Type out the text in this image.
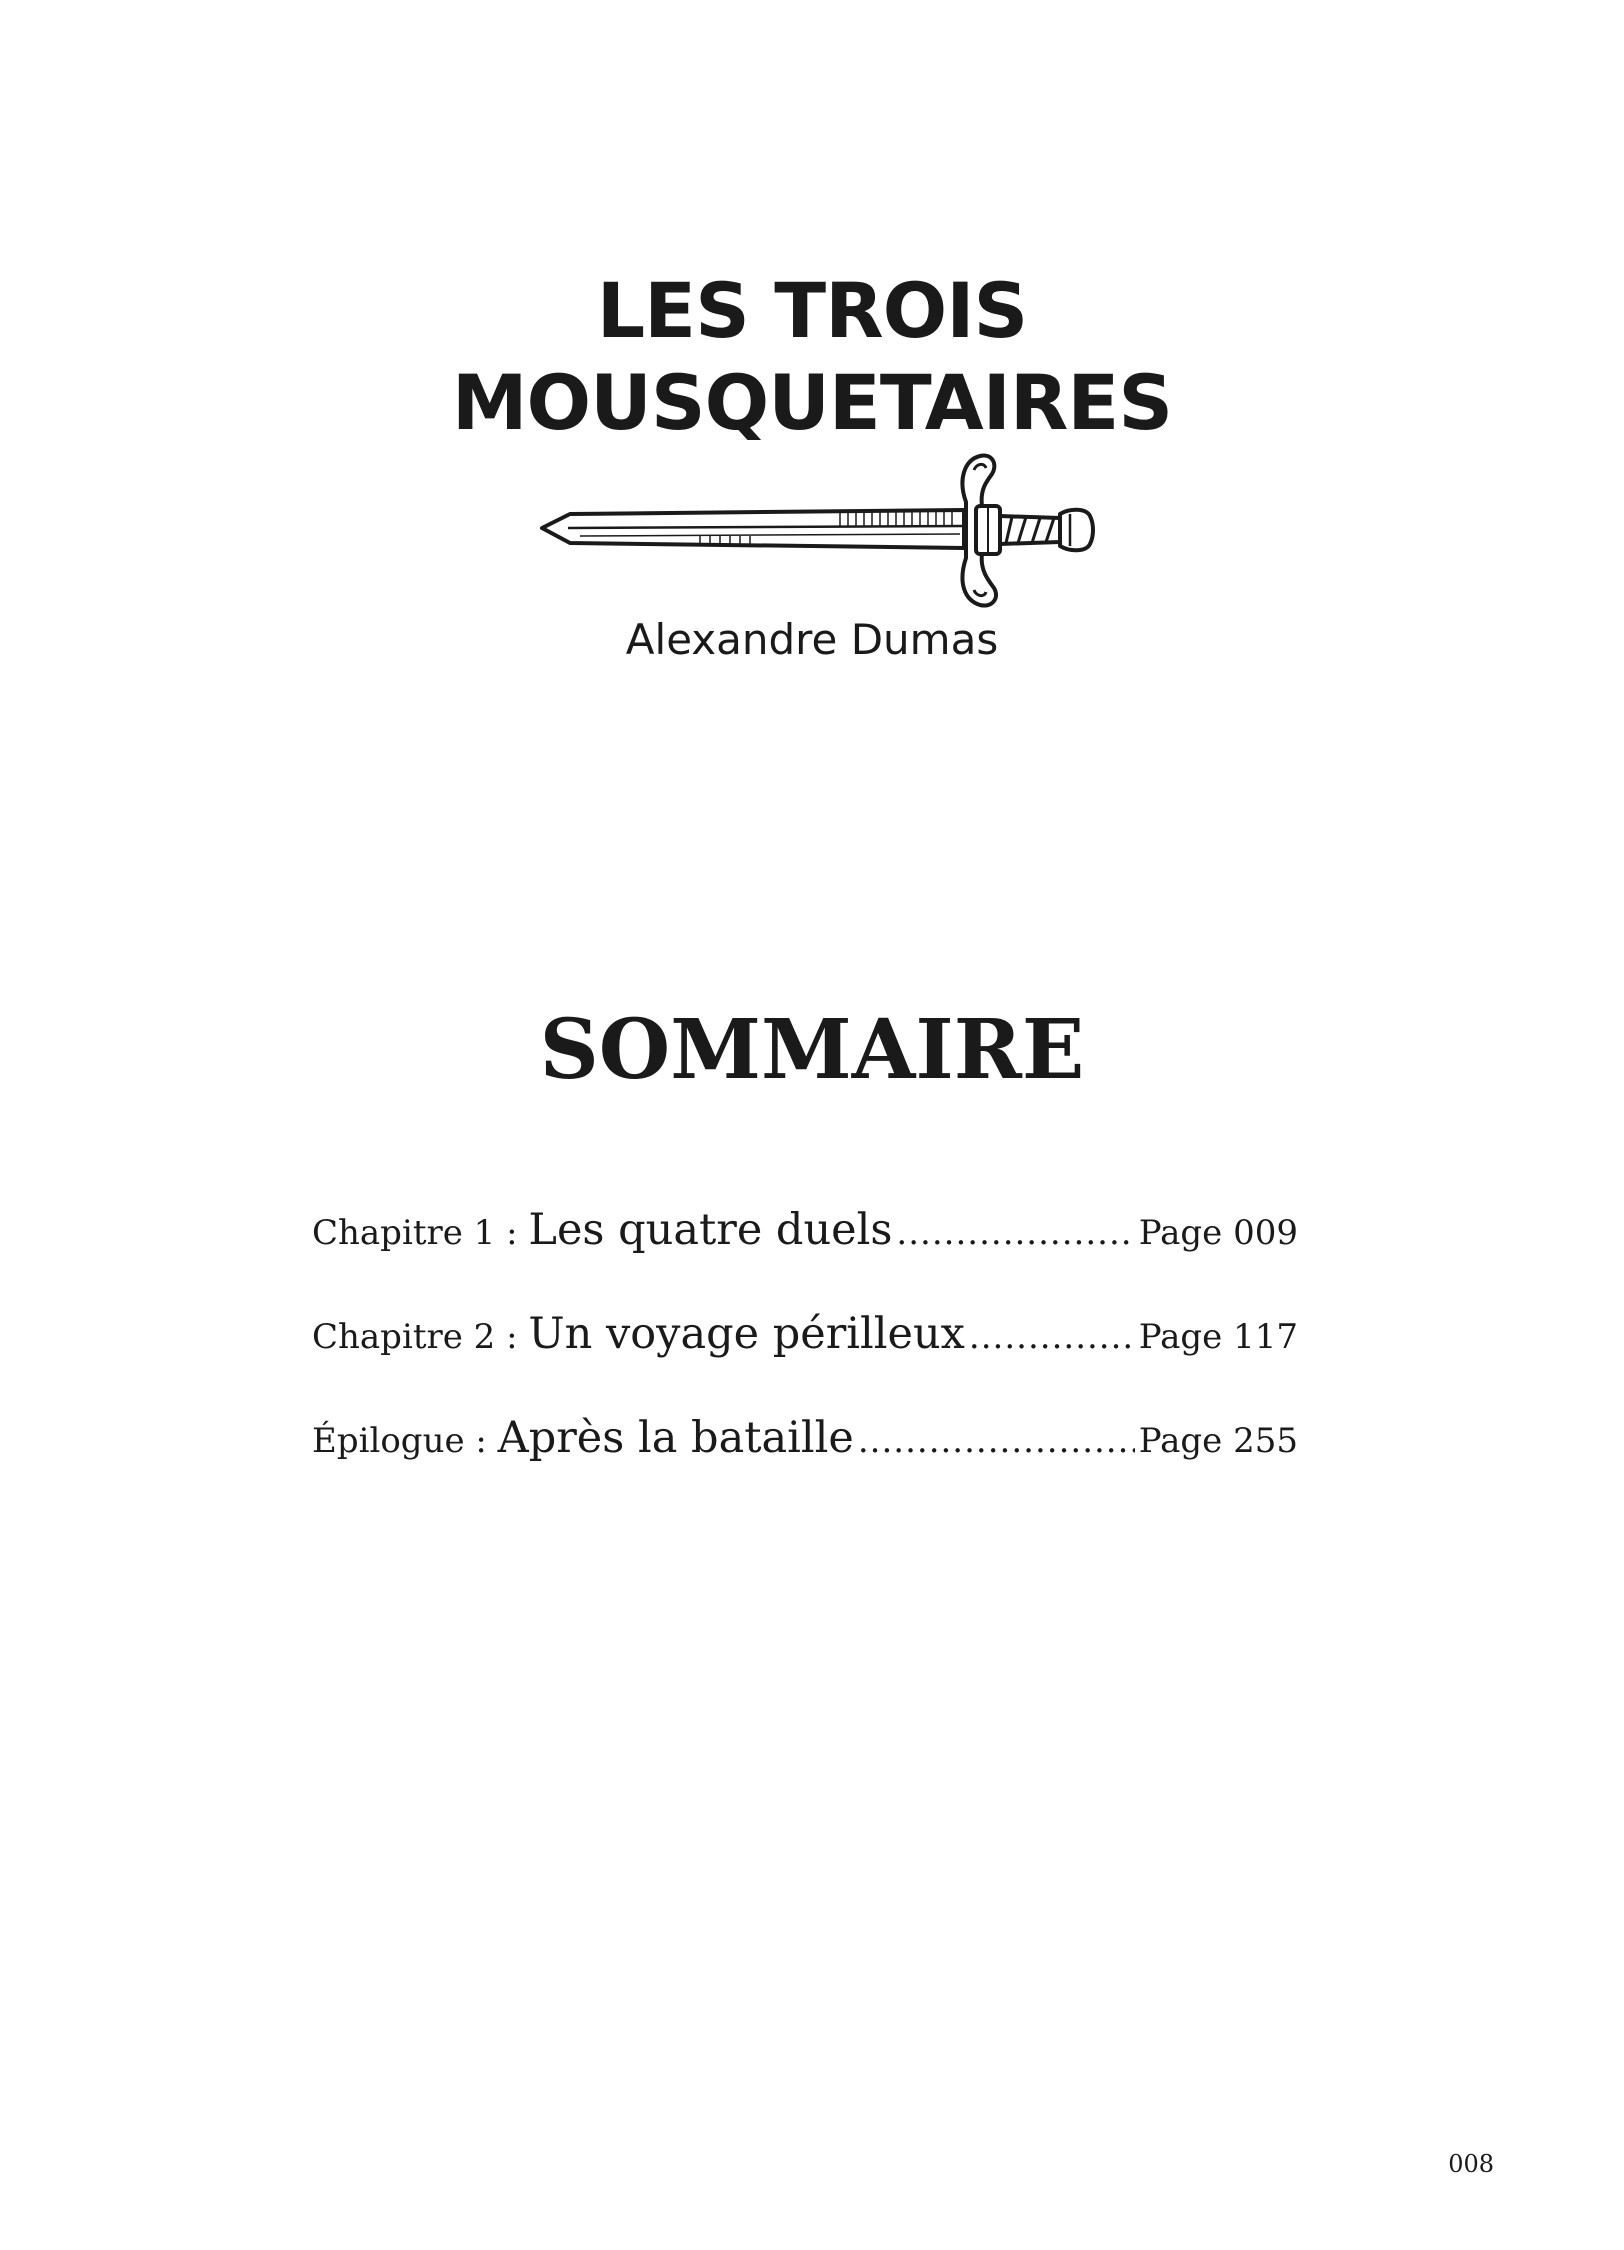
LES TROIS
MOUSQUETAIRES
Alexandre Dumas
SOMMAIRE
Chapitre 1 : Les quatre duels .....	Page 009
Chapitre 2 : Un voyage périlleux .....	Page 117
Épilogue : Après la bataille .....	Page 255
008
